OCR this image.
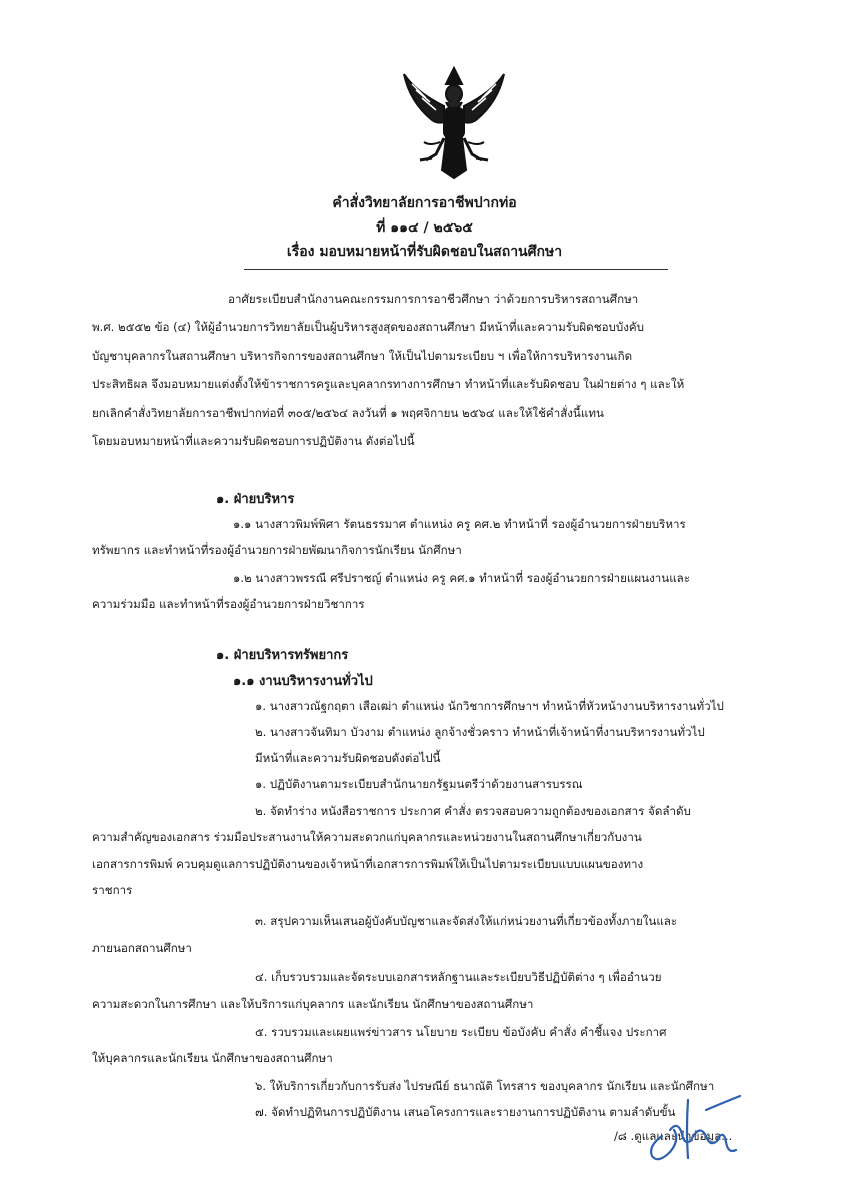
คำสั่งวิทยาลัยการอาชีพปากท่อ
ที่ ๑๑๔ / ๒๕๖๕
เรื่อง มอบหมายหน้าที่รับผิดชอบในสถานศึกษา
อาศัยระเบียบสำนักงานคณะกรรมการการอาชีวศึกษา ว่าด้วยการบริหารสถานศึกษา
พ.ศ. ๒๕๕๒ ข้อ (๔) ให้ผู้อำนวยการวิทยาลัยเป็นผู้บริหารสูงสุดของสถานศึกษา มีหน้าที่และความรับผิดชอบบังคับ
บัญชาบุคลากรในสถานศึกษา บริหารกิจการของสถานศึกษา ให้เป็นไปตามระเบียบ ฯ เพื่อให้การบริหารงานเกิด
ประสิทธิผล จึงมอบหมายแต่งตั้งให้ข้าราชการครูและบุคลากรทางการศึกษา ทำหน้าที่และรับผิดชอบ ในฝ่ายต่าง ๆ และให้
ยกเลิกคำสั่งวิทยาลัยการอาชีพปากท่อที่ ๓๐๕/๒๕๖๔ ลงวันที่ ๑ พฤศจิกายน ๒๕๖๔ และให้ใช้คำสั่งนี้แทน
โดยมอบหมายหน้าที่และความรับผิดชอบการปฏิบัติงาน ดังต่อไปนี้
๑. ฝ่ายบริหาร
๑.๑ นางสาวพิมพ์พิศา รัตนธรรมาศ ตำแหน่ง ครู คศ.๒ ทำหน้าที่ รองผู้อำนวยการฝ่ายบริหาร
ทรัพยากร และทำหน้าที่รองผู้อำนวยการฝ่ายพัฒนากิจการนักเรียน นักศึกษา
๑.๒ นางสาวพรรณี ศรีปราชญ์ ตำแหน่ง ครู คศ.๑ ทำหน้าที่ รองผู้อำนวยการฝ่ายแผนงานและ
ความร่วมมือ และทำหน้าที่รองผู้อำนวยการฝ่ายวิชาการ
๑. ฝ่ายบริหารทรัพยากร
๑.๑ งานบริหารงานทั่วไป
๑. นางสาวณัฐกฤตา เสือเฒ่า ตำแหน่ง นักวิชาการศึกษาฯ ทำหน้าที่หัวหน้างานบริหารงานทั่วไป
๒. นางสาวจันทิมา บัวงาม ตำแหน่ง ลูกจ้างชั่วคราว ทำหน้าที่เจ้าหน้าที่งานบริหารงานทั่วไป
มีหน้าที่และความรับผิดชอบดังต่อไปนี้
๑. ปฏิบัติงานตามระเบียบสำนักนายกรัฐมนตรีว่าด้วยงานสารบรรณ
๒. จัดทำร่าง หนังสือราชการ ประกาศ คำสั่ง ตรวจสอบความถูกต้องของเอกสาร จัดลำดับ
ความสำคัญของเอกสาร ร่วมมือประสานงานให้ความสะดวกแก่บุคลากรและหน่วยงานในสถานศึกษาเกี่ยวกับงาน
เอกสารการพิมพ์ ควบคุมดูแลการปฏิบัติงานของเจ้าหน้าที่เอกสารการพิมพ์ให้เป็นไปตามระเบียบแบบแผนของทาง
ราชการ
๓. สรุปความเห็นเสนอผู้บังคับบัญชาและจัดส่งให้แก่หน่วยงานที่เกี่ยวข้องทั้งภายในและ
ภายนอกสถานศึกษา
๔. เก็บรวบรวมและจัดระบบเอกสารหลักฐานและระเบียบวิธีปฏิบัติต่าง ๆ เพื่ออำนวย
ความสะดวกในการศึกษา และให้บริการแก่บุคลากร และนักเรียน นักศึกษาของสถานศึกษา
๕. รวบรวมและเผยแพร่ข่าวสาร นโยบาย ระเบียบ ข้อบังคับ คำสั่ง คำชี้แจง ประกาศ
ให้บุคลากรและนักเรียน นักศึกษาของสถานศึกษา
๖. ให้บริการเกี่ยวกับการรับส่ง ไปรษณีย์ ธนาณัติ โทรสาร ของบุคลากร นักเรียน และนักศึกษา
๗. จัดทำปฏิทินการปฏิบัติงาน เสนอโครงการและรายงานการปฏิบัติงาน ตามลำดับขั้น
/๘ .ดูแลและนำข้อมูล...
